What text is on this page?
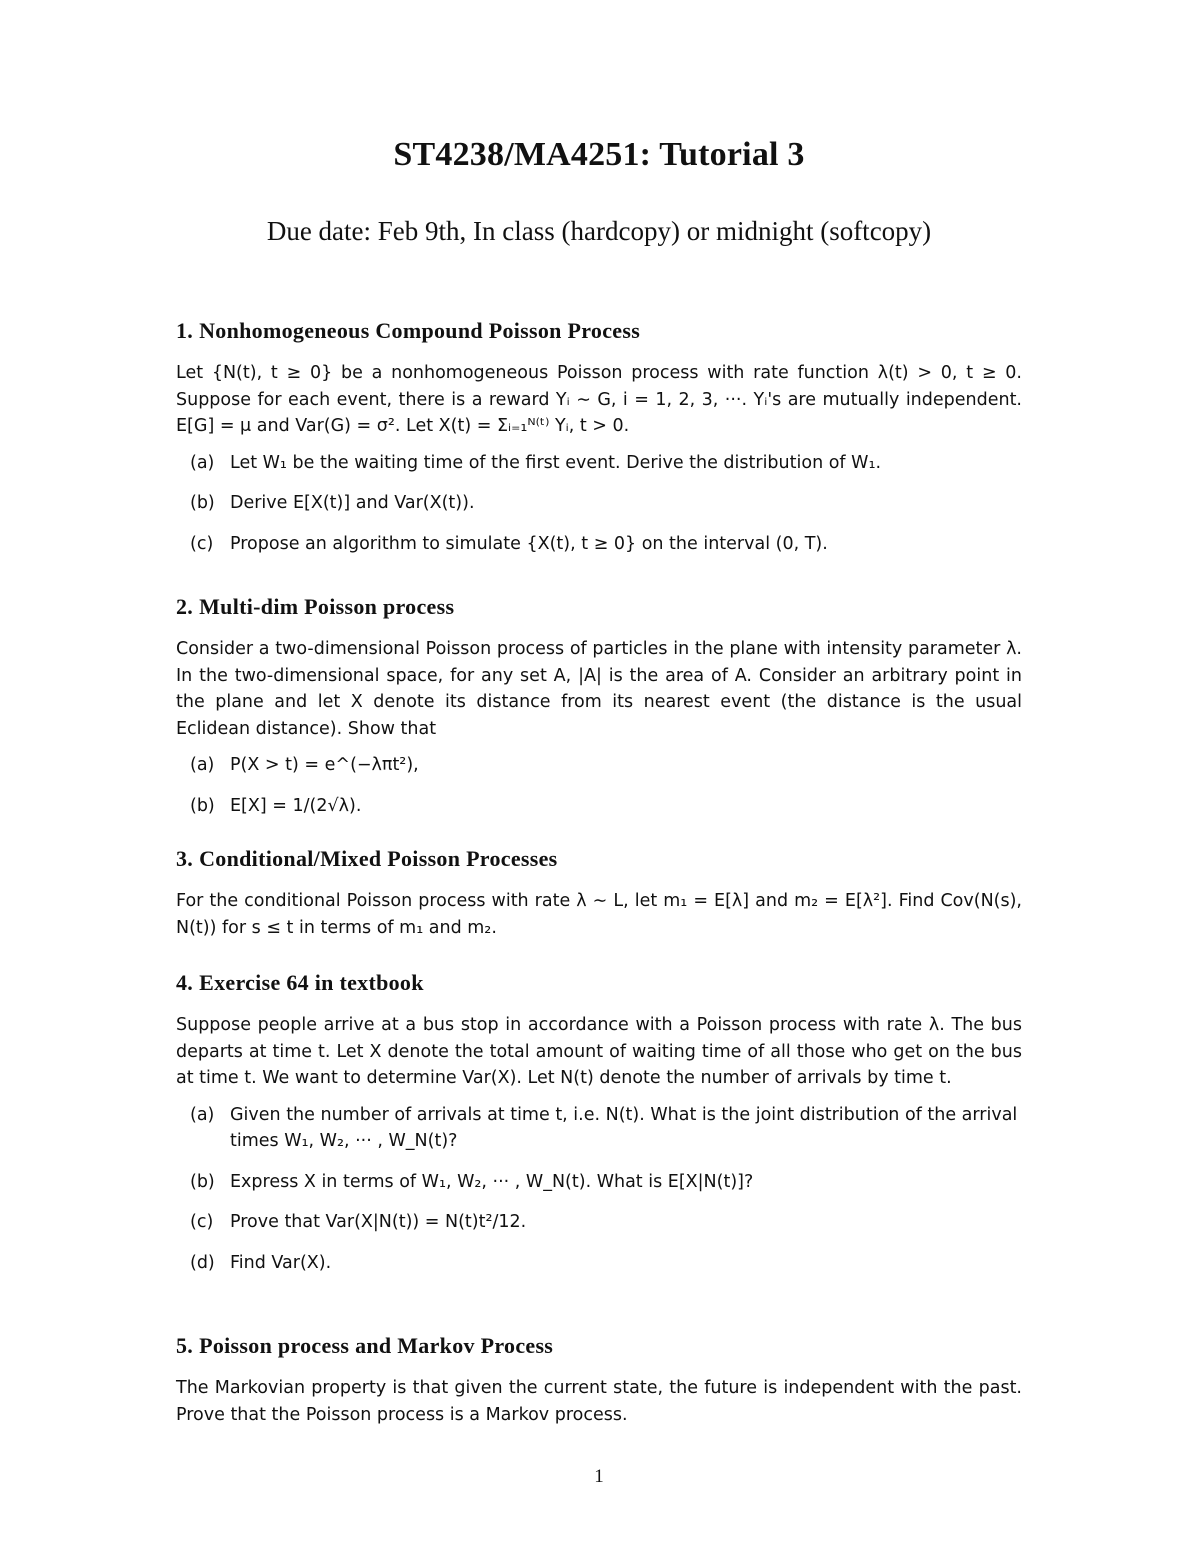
ST4238/MA4251: Tutorial 3
Due date: Feb 9th, In class (hardcopy) or midnight (softcopy)
1. Nonhomogeneous Compound Poisson Process

Let {N(t), t ≥ 0} be a nonhomogeneous Poisson process with rate function λ(t) > 0, t ≥ 0. Suppose for each event, there is a reward Yᵢ ∼ G, i = 1, 2, 3, ···. Yᵢ's are mutually independent. E[G] = μ and Var(G) = σ². Let X(t) = Σᵢ₌₁ᴺ⁽ᵗ⁾ Yᵢ, t > 0.

(a) Let W₁ be the waiting time of the first event. Derive the distribution of W₁.
(b) Derive E[X(t)] and Var(X(t)).
(c) Propose an algorithm to simulate {X(t), t ≥ 0} on the interval (0, T).
2. Multi-dim Poisson process

Consider a two-dimensional Poisson process of particles in the plane with intensity parameter λ. In the two-dimensional space, for any set A, |A| is the area of A. Consider an arbitrary point in the plane and let X denote its distance from its nearest event (the distance is the usual Eclidean distance). Show that

(a) P(X > t) = e^(−λπt²),
(b) E[X] = 1/(2√λ).
3. Conditional/Mixed Poisson Processes

For the conditional Poisson process with rate λ ∼ L, let m₁ = E[λ] and m₂ = E[λ²]. Find Cov(N(s), N(t)) for s ≤ t in terms of m₁ and m₂.

4. Exercise 64 in textbook

Suppose people arrive at a bus stop in accordance with a Poisson process with rate λ. The bus departs at time t. Let X denote the total amount of waiting time of all those who get on the bus at time t. We want to determine Var(X). Let N(t) denote the number of arrivals by time t.

(a) Given the number of arrivals at time t, i.e. N(t). What is the joint distribution of the arrival times W₁, W₂, ··· , W_N(t)?
(b) Express X in terms of W₁, W₂, ··· , W_N(t). What is E[X|N(t)]?
(c) Prove that Var(X|N(t)) = N(t)t²/12.
(d) Find Var(X).
5. Poisson process and Markov Process

The Markovian property is that given the current state, the future is independent with the past. Prove that the Poisson process is a Markov process.

1
